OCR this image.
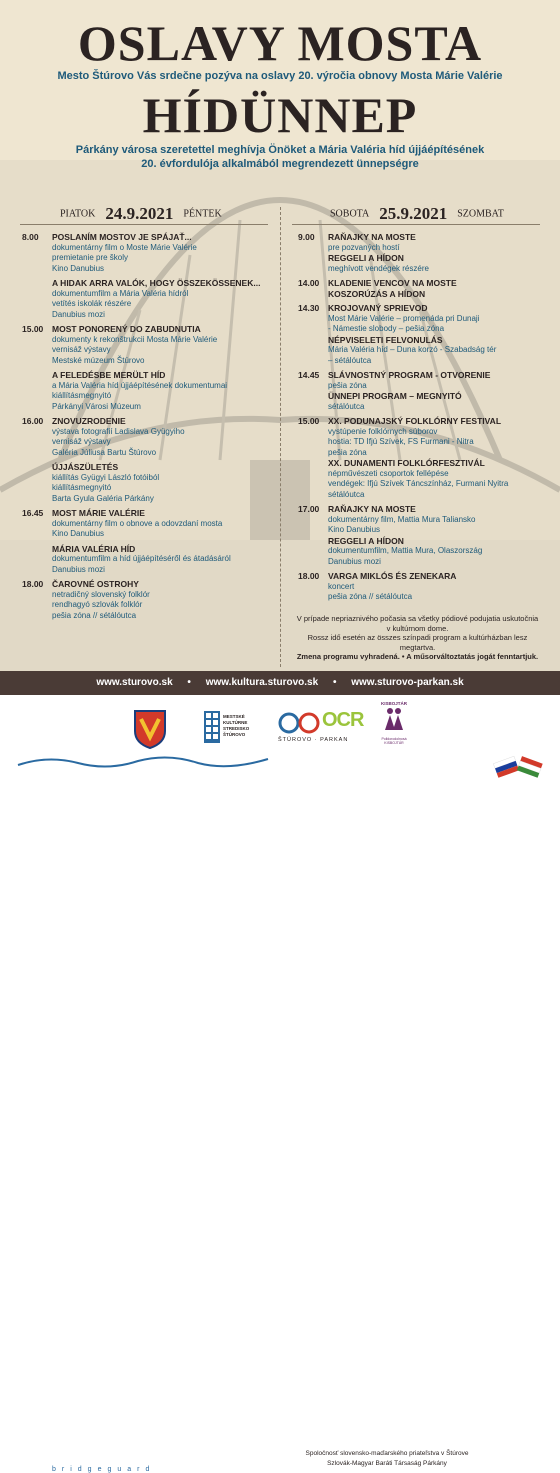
OSLAVY MOSTA
Mesto Štúrovo Vás srdečne pozýva na oslavy 20. výročia obnovy Mosta Márie Valérie
HÍDÜNNEP
Párkány városa szeretettel meghívja Önöket a Mária Valéria híd újjáépítésének
20. évfordulója alkalmából megrendezett ünnepségre
PIATOK 24.9.2021 PÉNTEK	SOBOTA 25.9.2021 SZOMBAT
8.00 POSLANÍM MOSTOV JE SPÁJAŤ...
dokumentárny film o Moste Márie Valérie
premietanie pre školy
Kino Danubius
A HIDAK ARRA VALÓK, HOGY ÖSSZEKÖSSENEK...
dokumentumfilm a Mária Valéria hídról
vetítés iskolák részére
Danubius mozi
15.00 MOST PONORENÝ DO ZABUDNUTIA
dokumenty k rekonštrukcii Mosta Márie Valérie
vernisáž výstavy
Mestské múzeum Štúrovo
A FELEDÉSBE MERÜLT HÍD
a Mária Valéria híd újjáépítésének dokumentumai
kiállításmegnyitó
Párkányi Városi Múzeum
16.00 ZNOVUZRODENIE
výstava fotografií Ladislava Gyügyiho
vernisáž výstavy
Galéria Júliusa Bartu Štúrovo
ÚJJÁSZÜLETÉS
kiállítás Gyügyi László fotóiból
kiállításmegnyitó
Barta Gyula Galéria Párkány
16.45 MOST MÁRIE VALÉRIE
dokumentárny film o obnove a odovzdaní mosta
Kino Danubius
MÁRIA VALÉRIA HÍD
dokumentumfilm a híd újjáépítéséről és átadásáról
Danubius mozi
18.00 ČAROVNÉ OSTROHY
netradičný slovenský folklór
rendhagyó szlovák folklór
pešia zóna // sétálóutca
9.00 RAŇAJKY NA MOSTE
pre pozvaných hostí
REGGELI A HÍDON
meghívott vendégek részére
14.00 KLADENIE VENCOV NA MOSTE
KOSZORÚZÁS A HÍDON
14.30 KROJOVANÝ SPRIEVOD
Most Márie Valérie – promenáda pri Dunaji
- Námestie slobody – pešia zóna
NÉPVISELETI FELVONULÁS
Mária Valéria híd – Duna korzó - Szabadság tér
– sétálóutca
14.45 SLÁVNOSTNÝ PROGRAM - OTVORENIE
pešia zóna
ÜNNEPI PROGRAM – MEGNYITÓ
sétálóutca
15.00 XX. PODUNAJSKÝ FOLKLÓRNY FESTIVAL
vystúpenie folklórnych súborov
hostia: TD Ifjú Szívek, FS Furmani - Nitra
pešia zóna
XX. DUNAMENTI FOLKLÓRFESZTIVÁL
népművészeti csoportok fellépése
vendégek: Ifjú Szívek Táncszínház, Furmani Nyitra
sétálóutca
17.00 RAŇAJKY NA MOSTE
dokumentárny film, Mattia Mura Taliansko
Kino Danubius
REGGELI A HÍDON
dokumentumfilm, Mattia Mura, Olaszország
Danubius mozi
18.00 VARGA MIKLÓS ÉS ZENEKARA
koncert
pešia zóna // sétálóutca
V prípade nepriaznivého počasia sa všetky pódiové podujatia uskutočnia v kultúrnom dome.
Rossz idő esetén az összes színpadi program a kultúrházban lesz megtartva.
Zmena programu vyhradená. • A műsorváltoztatás jogát fenntartjuk.
www.sturovo.sk • www.kultura.sturovo.sk • www.sturovo-parkan.sk
MESTSKÉ
KULTÚRNE
STREDISKO
ŠTÚROVO
OCR
ŠTÚROVO · PARKAN
KISBOJTÁR
Polldorodolnosá KISBOJTÁR
bridgeguard
Spoločnosť slovensko-maďarského priateľstva v Štúrove
Szlovák-Magyar Baráti Társaság Párkány
